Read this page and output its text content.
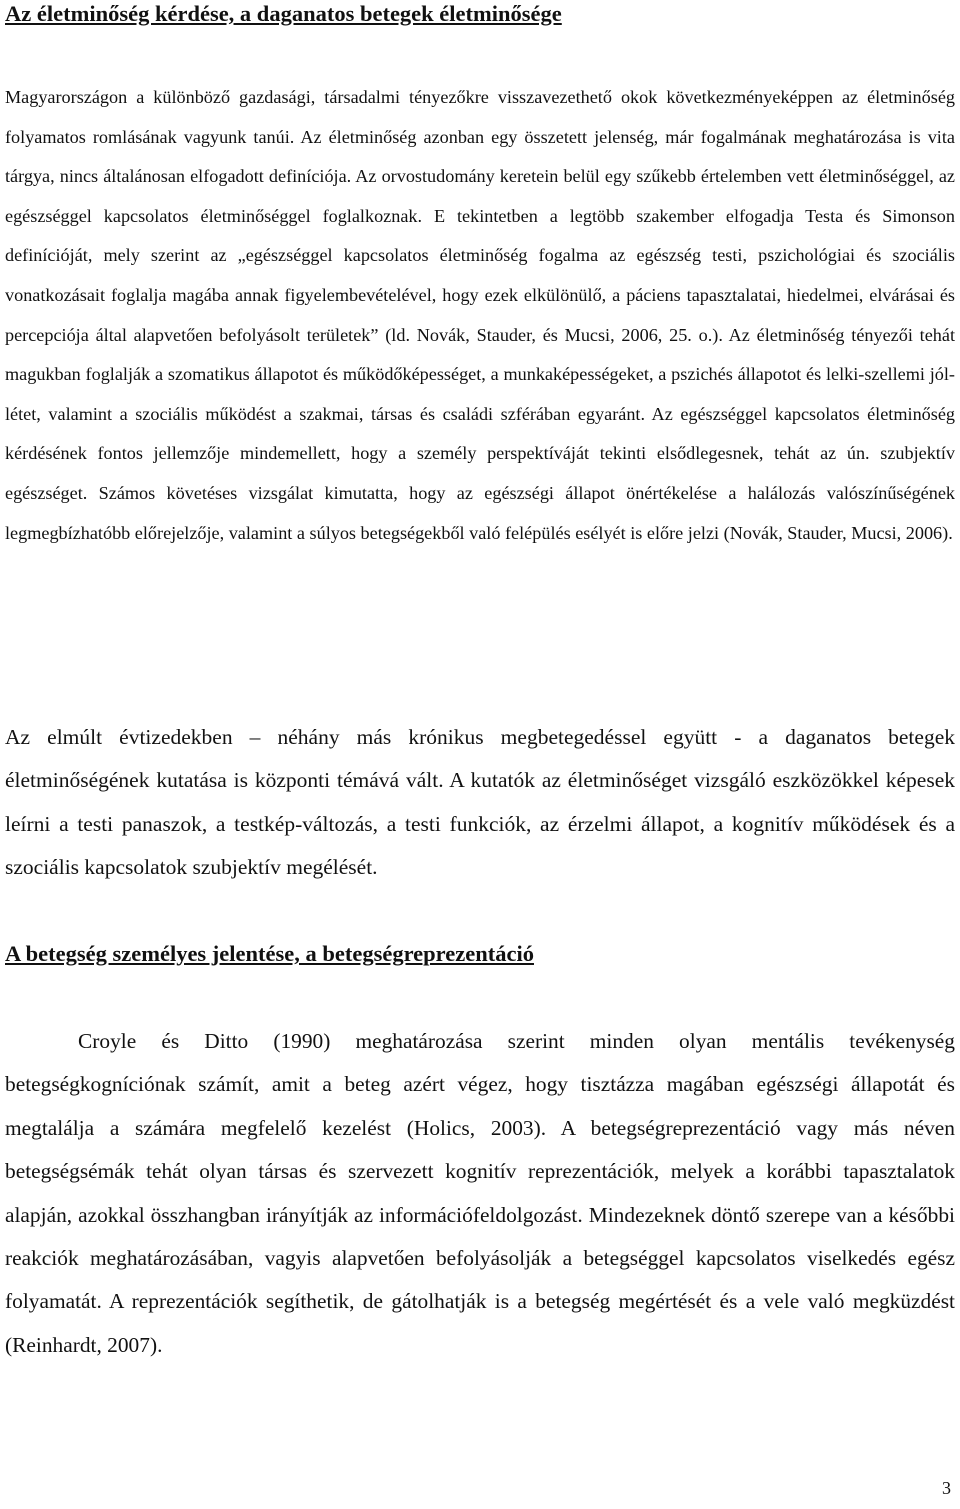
Az életminőség kérdése, a daganatos betegek életminősége

Magyarországon a különböző gazdasági, társadalmi tényezőkre visszavezethető okok következményeképpen az életminőség folyamatos romlásának vagyunk tanúi. Az életminőség azonban egy összetett jelenség, már fogalmának meghatározása is vita tárgya, nincs általánosan elfogadott definíciója. Az orvostudomány keretein belül egy szűkebb értelemben vett életminőséggel, az egészséggel kapcsolatos életminőséggel foglalkoznak. E tekintetben a legtöbb szakember elfogadja Testa és Simonson definícióját, mely szerint az „egészséggel kapcsolatos életminőség fogalma az egészség testi, pszichológiai és szociális vonatkozásait foglalja magába annak figyelembevételével, hogy ezek elkülönülő, a páciens tapasztalatai, hiedelmei, elvárásai és percepciója által alapvetően befolyásolt területek” (ld. Novák, Stauder, és Mucsi, 2006, 25. o.). Az életminőség tényezői tehát magukban foglalják a szomatikus állapotot és működőképességet, a munkaképességeket, a pszichés állapotot és lelki-szellemi jól-létet, valamint a szociális működést a szakmai, társas és családi szférában egyaránt. Az egészséggel kapcsolatos életminőség kérdésének fontos jellemzője mindemellett, hogy a személy perspektíváját tekinti elsődlegesnek, tehát az ún. szubjektív egészséget. Számos követéses vizsgálat kimutatta, hogy az egészségi állapot önértékelése a halálozás valószínűségének legmegbízhatóbb előrejelzője, valamint a súlyos betegségekből való felépülés esélyét is előre jelzi (Novák, Stauder, Mucsi, 2006).

Az elmúlt évtizedekben – néhány más krónikus megbetegedéssel együtt - a daganatos betegek életminőségének kutatása is központi témává vált. A kutatók az életminőséget vizsgáló eszközökkel képesek leírni a testi panaszok, a testkép-változás, a testi funkciók, az érzelmi állapot, a kognitív működések és a szociális kapcsolatok szubjektív megélését.

A betegség személyes jelentése, a betegségreprezentáció

Croyle és Ditto (1990) meghatározása szerint minden olyan mentális tevékenység betegségkogníciónak számít, amit a beteg azért végez, hogy tisztázza magában egészségi állapotát és megtalálja a számára megfelelő kezelést (Holics, 2003). A betegségreprezentáció vagy más néven betegségsémák tehát olyan társas és szervezett kognitív reprezentációk, melyek a korábbi tapasztalatok alapján, azokkal összhangban irányítják az információfeldolgozást. Mindezeknek döntő szerepe van a későbbi reakciók meghatározásában, vagyis alapvetően befolyásolják a betegséggel kapcsolatos viselkedés egész folyamatát. A reprezentációk segíthetik, de gátolhatják is a betegség megértését és a vele való megküzdést (Reinhardt, 2007).

3
